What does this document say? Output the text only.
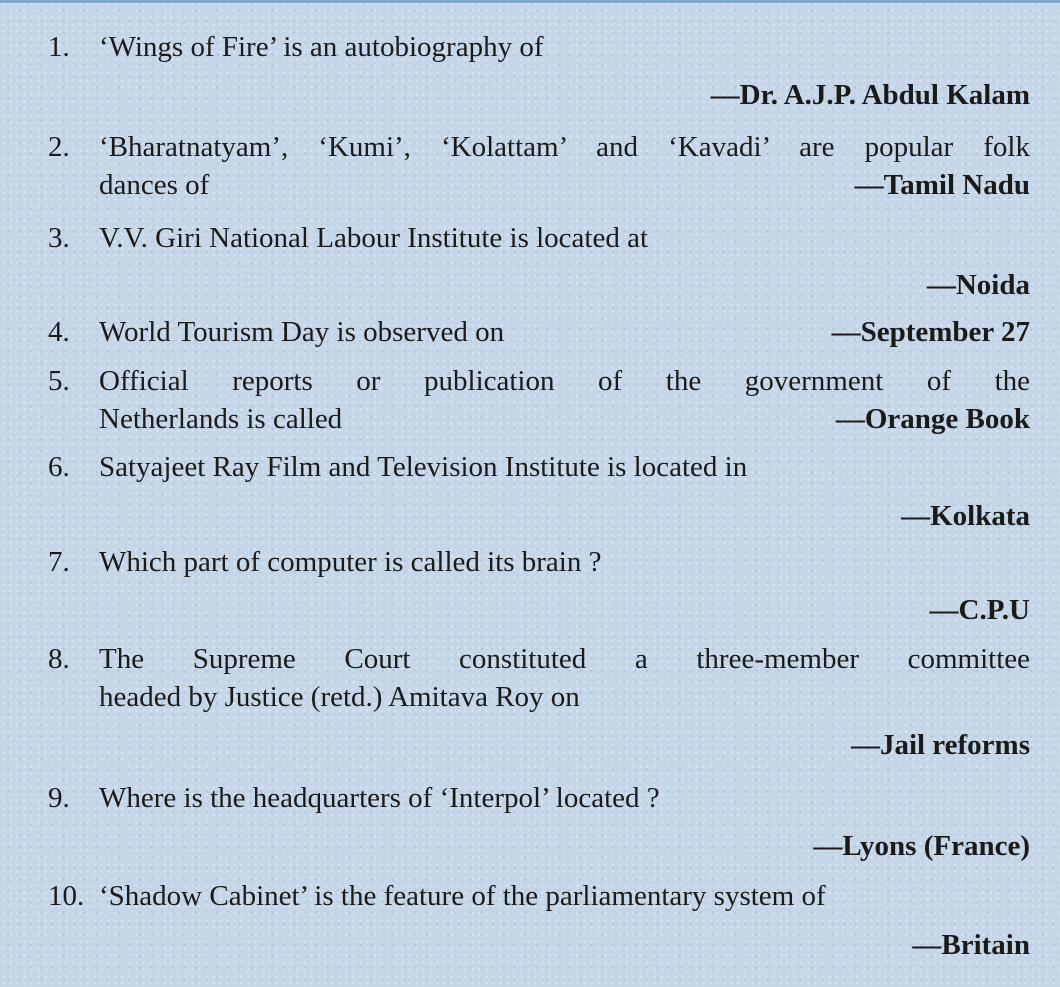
1. ‘Wings of Fire’ is an autobiography of
—Dr. A.J.P. Abdul Kalam
2. ‘Bharatnatyam’, ‘Kumi’, ‘Kolattam’ and ‘Kavadi’ are popular folk
dances of	—Tamil Nadu
3. V.V. Giri National Labour Institute is located at
—Noida
4. World Tourism Day is observed on	—September 27
5. Official reports or publication of the government of the
Netherlands is called	—Orange Book
6. Satyajeet Ray Film and Television Institute is located in
—Kolkata
7. Which part of computer is called its brain ?
—C.P.U
8. The Supreme Court constituted a three-member committee
headed by Justice (retd.) Amitava Roy on
—Jail reforms
9. Where is the headquarters of ‘Interpol’ located ?
—Lyons (France)
10. ‘Shadow Cabinet’ is the feature of the parliamentary system of
—Britain
